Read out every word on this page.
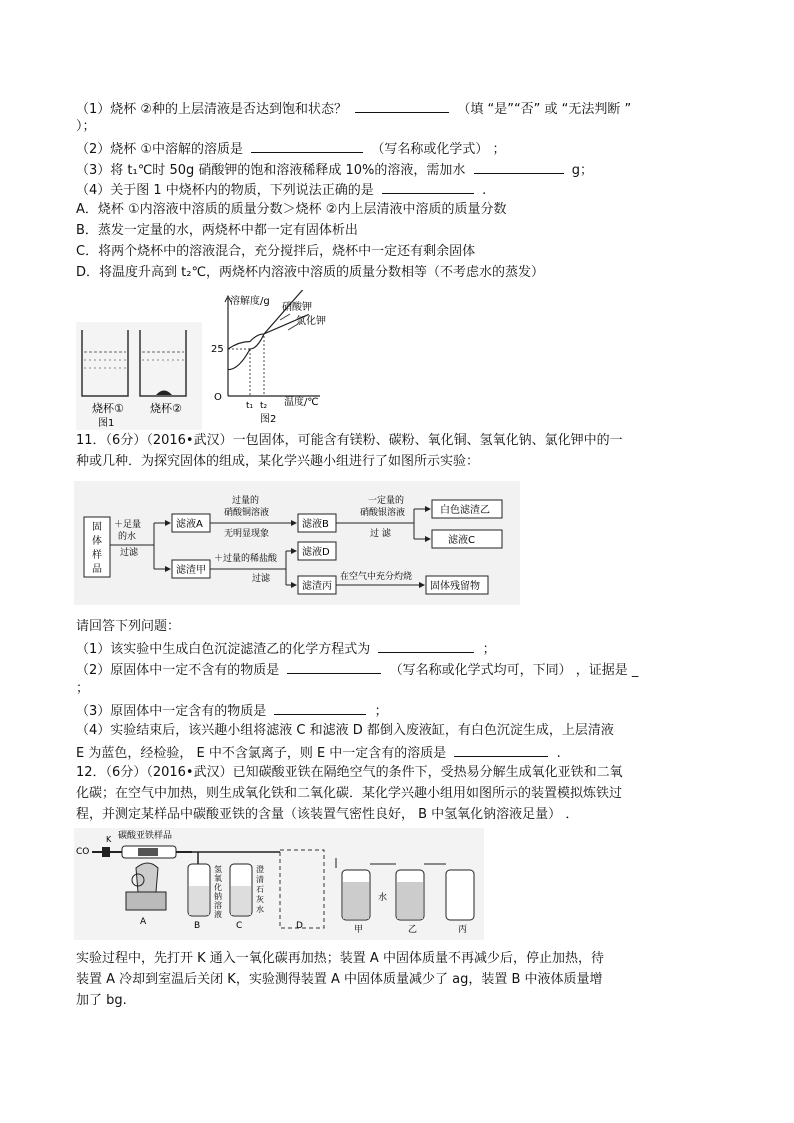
（1）烧杯 ②种的上层清液是否达到饱和状态？	（填 “是”“否” 或 “无法判断 ”
）；
（2）烧杯 ①中溶解的溶质是	（写名称或化学式） ；
（3）将 t₁℃时 50g 硝酸钾的饱和溶液稀释成 10%的溶液，需加水	g；
（4）关于图 1 中烧杯内的物质，下列说法正确的是	.
A．烧杯 ①内溶液中溶质的质量分数＞烧杯 ②内上层清液中溶质的质量分数
B．蒸发一定量的水，两烧杯中都一定有固体析出
C．将两个烧杯中的溶液混合，充分搅拌后，烧杯中一定还有剩余固体
D．将温度升高到 t₂℃，两烧杯内溶液中溶质的质量分数相等（不考虑水的蒸发）
烧杯① 烧杯②
图1
溶解度/g
温度/℃
O
25
t₁ t₂
硝酸钾
氯化钾
图2
11．（6分）（2016•武汉）一包固体，可能含有镁粉、碳粉、氧化铜、氢氧化钠、氯化钾中的一
种或几种．为探究固体的组成，某化学兴趣小组进行了如图所示实验：
固
体
样
品
＋足量
的水
过滤
滤液A
过量的
硝酸铜溶液
无明显现象
滤液B
一定量的
硝酸银溶液
过 滤
白色滤渣乙
滤液C
滤渣甲
＋过量的稀盐酸
过滤
滤液D
滤渣丙
在空气中充分灼烧
固体残留物
请回答下列问题：
（1）该实验中生成白色沉淀滤渣乙的化学方程式为	；
（2）原固体中一定不含有的物质是	（写名称或化学式均可，下同） ，证据是 _
；
（3）原固体中一定含有的物质是	；
（4）实验结束后，该兴趣小组将滤液 C 和滤液 D 都倒入废液缸，有白色沉淀生成，上层清液
E 为蓝色，经检验， E 中不含氯离子，则 E 中一定含有的溶质是	.
12．（6分）（2016•武汉）已知碳酸亚铁在隔绝空气的条件下，受热易分解生成氧化亚铁和二氧
化碳；在空气中加热，则生成氧化铁和二氧化碳．某化学兴趣小组用如图所示的装置模拟炼铁过
程，并测定某样品中碳酸亚铁的含量（该装置气密性良好， B 中氢氧化钠溶液足量） ．
碳酸亚铁样品
CO
K
A	B
氢
氧
化
钠
溶
液
C
澄
清
石
灰
水
D	甲
水
乙	丙
实验过程中，先打开 K 通入一氧化碳再加热；装置 A 中固体质量不再减少后，停止加热，待
装置 A 冷却到室温后关闭 K，实验测得装置 A 中固体质量减少了 ag，装置 B 中液体质量增
加了 bg.
